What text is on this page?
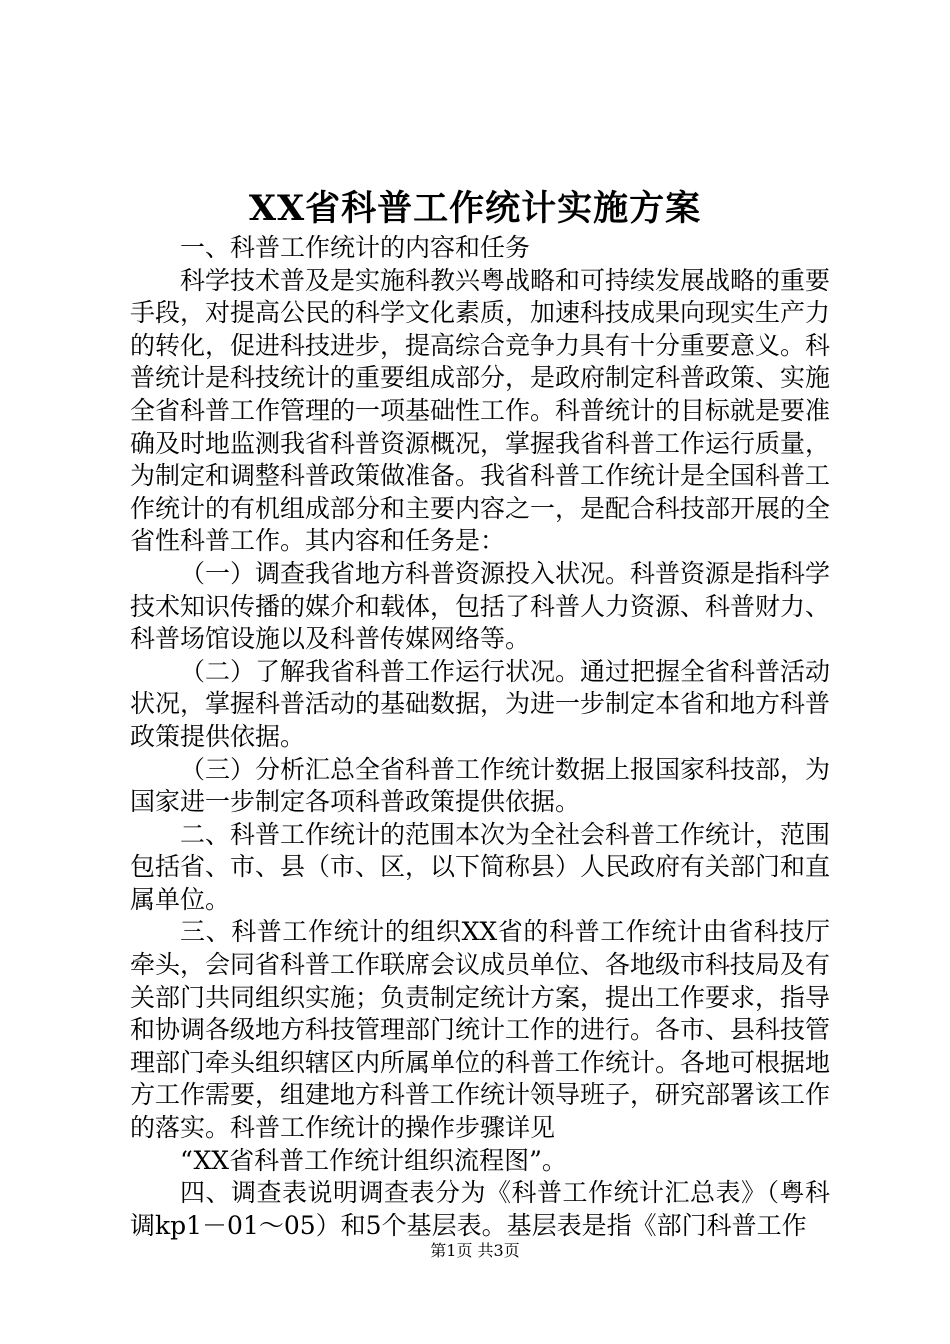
XX省科普工作统计实施方案

一、科普工作统计的内容和任务

科学技术普及是实施科教兴粤战略和可持续发展战略的重要手段，对提高公民的科学文化素质，加速科技成果向现实生产力的转化，促进科技进步，提高综合竞争力具有十分重要意义。科普统计是科技统计的重要组成部分，是政府制定科普政策、实施全省科普工作管理的一项基础性工作。科普统计的目标就是要准确及时地监测我省科普资源概况，掌握我省科普工作运行质量，为制定和调整科普政策做准备。我省科普工作统计是全国科普工作统计的有机组成部分和主要内容之一，是配合科技部开展的全省性科普工作。其内容和任务是：

（一）调查我省地方科普资源投入状况。科普资源是指科学技术知识传播的媒介和载体，包括了科普人力资源、科普财力、科普场馆设施以及科普传媒网络等。

（二）了解我省科普工作运行状况。通过把握全省科普活动状况，掌握科普活动的基础数据，为进一步制定本省和地方科普政策提供依据。

（三）分析汇总全省科普工作统计数据上报国家科技部，为国家进一步制定各项科普政策提供依据。

二、科普工作统计的范围本次为全社会科普工作统计，范围包括省、市、县（市、区，以下简称县）人民政府有关部门和直属单位。

三、科普工作统计的组织XX省的科普工作统计由省科技厅牵头，会同省科普工作联席会议成员单位、各地级市科技局及有关部门共同组织实施；负责制定统计方案，提出工作要求，指导和协调各级地方科技管理部门统计工作的进行。各市、县科技管理部门牵头组织辖区内所属单位的科普工作统计。各地可根据地方工作需要，组建地方科普工作统计领导班子，研究部署该工作的落实。科普工作统计的操作步骤详见

“XX省科普工作统计组织流程图”。

四、调查表说明调查表分为《科普工作统计汇总表》（粤科调kp1－01～05）和5个基层表。基层表是指《部门科普工作

第1页 共3页
